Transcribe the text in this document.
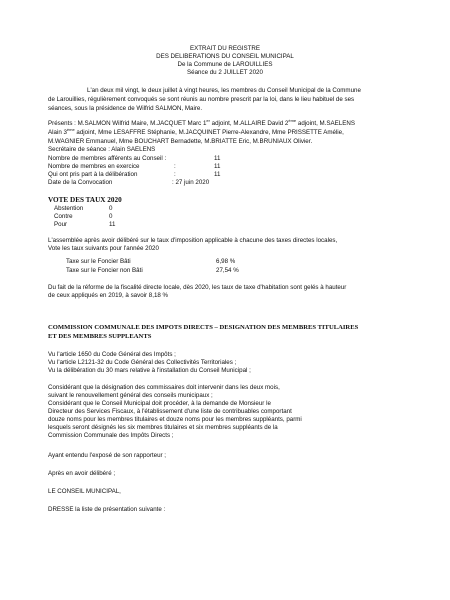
EXTRAIT DU REGISTRE
DES DELIBERATIONS DU CONSEIL MUNICIPAL
De la Commune de LAROUILLIES
Séance du 2 JUILLET 2020
L'an deux mil vingt, le deux juillet à vingt heures, les membres du Conseil Municipal de la Commune
de Larouillies, régulièrement convoqués se sont réunis au nombre prescrit par la loi, dans le lieu habituel de ses
séances, sous la présidence de Wilfrid SALMON, Maire.
Présents : M.SALMON Wilfrid Maire, M.JACQUET Marc 1er adjoint, M.ALLAIRE David 2ème adjoint, M.SAELENS
Alain 3ème adjoint, Mme LESAFFRE Stéphanie, M.JACQUINET Pierre-Alexandre, Mme PRISSETTE Amélie,
M.WAGNIER Emmanuel, Mme BOUCHART Bernadette, M.BRIATTE Eric, M.BRUNIAUX Olivier.
Secrétaire de séance : Alain SAELENS
Nombre de membres afférents au Conseil :	11
Nombre de membres en exercice	:	11
Qui ont pris part à la délibération	:	11
Date de la Convocation	: 27 juin 2020
VOTE DES TAUX 2020
Abstention	0
Contre	0
Pour	11
L'assemblée après avoir délibéré sur le taux d'imposition applicable à chacune des taxes directes locales,
Vote les taux suivants pour l'année 2020
Taxe sur le Foncier Bâti	6,98 %
Taxe sur le Foncier non Bâti	27,54 %
Du fait de la réforme de la fiscalité directe locale, dès 2020, les taux de taxe d'habitation sont gelés à hauteur
de ceux appliqués en 2019, à savoir 8,18 %
COMMISSION COMMUNALE DES IMPOTS DIRECTS – DESIGNATION DES MEMBRES TITULAIRES
ET DES MEMBRES SUPPLEANTS
Vu l'article 1650 du Code Général des Impôts ;
Vu l'article L2121-32 du Code Général des Collectivités Territoriales ;
Vu la délibération du 30 mars relative à l'installation du Conseil Municipal ;
Considérant que la désignation des commissaires doit intervenir dans les deux mois,
suivant le renouvellement général des conseils municipaux ;
Considérant que le Conseil Municipal doit procéder, à la demande de Monsieur le
Directeur des Services Fiscaux, à l'établissement d'une liste de contribuables comportant
douze noms pour les membres titulaires et douze noms pour les membres suppléants, parmi
lesquels seront désignés les six membres titulaires et six membres suppléants de la
Commission Communale des Impôts Directs ;
Ayant entendu l'exposé de son rapporteur ;
Après en avoir délibéré ;
LE CONSEIL MUNICIPAL,
DRESSE la liste de présentation suivante :
